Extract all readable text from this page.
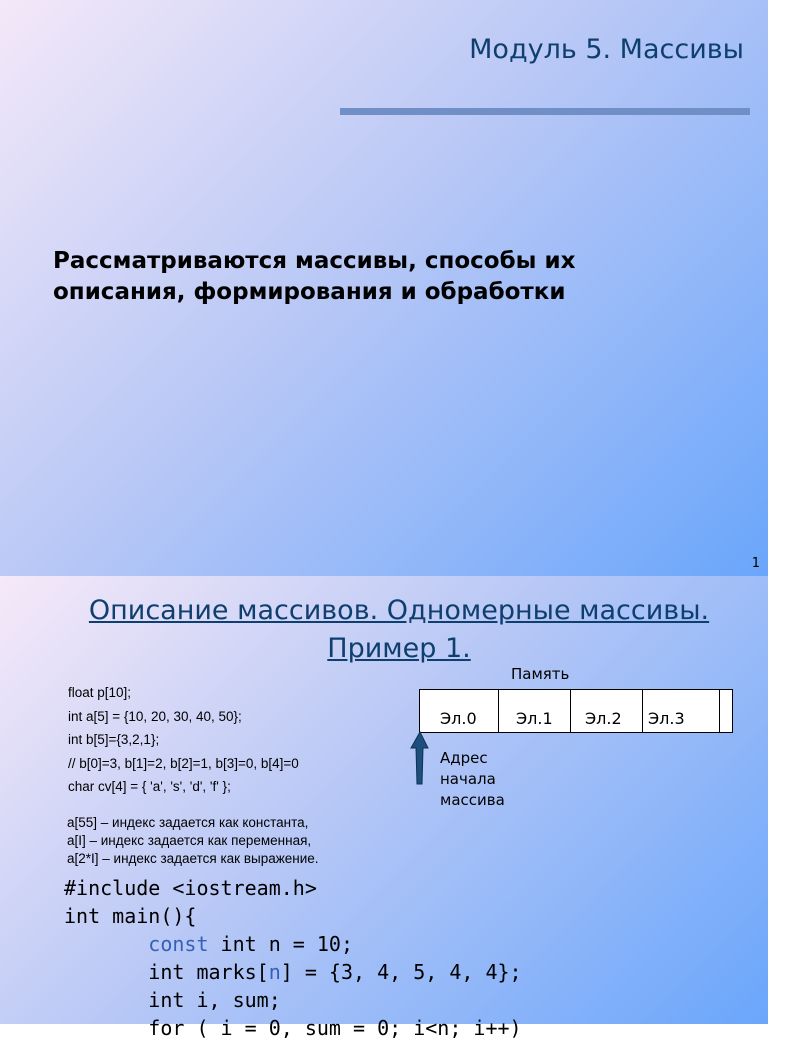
Модуль 5. Массивы
Рассматриваются массивы, способы их
описания, формирования и обработки
1
Описание массивов. Одномерные массивы.
Пример 1.
float p[10];
int a[5] = {10, 20, 30, 40, 50};
int b[5]={3,2,1};
// b[0]=3, b[1]=2, b[2]=1, b[3]=0, b[4]=0
char cv[4] = { 'a', 's', 'd', 'f' };
a[55] – индекс задается как константа,
a[I] – индекс задается как переменная,
a[2*I] – индекс задается как выражение.
Память
Эл.0 Эл.1 Эл.2 Эл.3
Адрес
начала
массива
#include <iostream.h>
int main(){
const int n = 10;
int marks[n] = {3, 4, 5, 4, 4};
int i, sum;
for ( i = 0, sum = 0; i<n; i++)
